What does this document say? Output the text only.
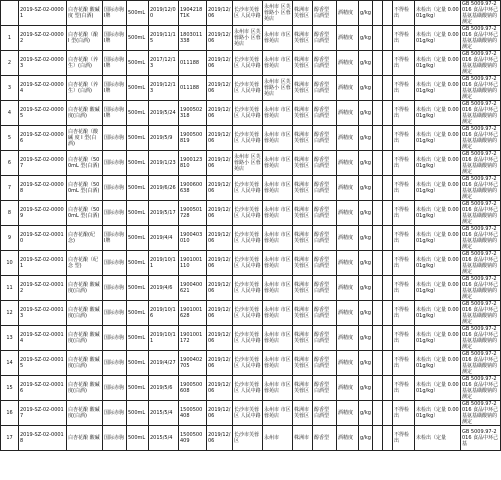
	2019-SZ-02-00001	白杏花酿 酸碱度 型(白酒)	国际赤驹 I牌	500mL	2019/12/00	1904218T1K	2019/12/06	长沙市芙蓉区 人民中路	永州市 区芙蓉路小 区蓉苑店	株洲市 芙蓉区	醇香型 白酒型	酒精度	g/kg			不得检出	未检出（定量 0.0001g/kg）	GB 5009.97-2016 食品中环己基氨基磺酸钠的测定
1	2019-SZ-02-00002	白杏花酿（酿 I 型(白酒)	国际赤驹 I牌	500mL	2019/11/15	1803011338	2019/12/06	永州市 区芙蓉路小 区蓉苑店	永州市 市区蓉苑店	株洲市 芙蓉区	醇香型 白酒型	酒精度	g/kg			不得检出	未检出（定量 0.0001g/kg）	GB 5009.97-2016 食品中环己基氨基磺酸钠的测定
2	2019-SZ-02-00003	白杏花酿（养 生）(白酒)	国际赤驹 I牌	500mL	2017/12/13	011188	2019/12/06	长沙市芙蓉区 人民中路	永州市 市区蓉苑店	株洲市 芙蓉区	醇香型 白酒型	酒精度	g/kg			不得检出	未检出（定量 0.0001g/kg）	GB 5009.97-2016 食品中环己基氨基磺酸钠的测定
3	2019-SZ-02-00004	白杏花酿（养 生）(白酒)	国际赤驹 I牌	500mL	2019/12/13	011188	2019/12/06	长沙市芙蓉区 人民中路	永州市 区芙蓉路小 区蓉苑店	株洲市 芙蓉区	醇香型 白酒型	酒精度	g/kg			不得检出	未检出（定量 0.0001g/kg）	GB 5009.97-2016 食品中环己基氨基磺酸钠的测定
4	2019-SZ-02-00005	白杏花酿 酸碱 度(白酒)	国际赤驹 I牌	500mL	2019/5/24	1900502318	2019/12/06	长沙市芙蓉区 人民中路	永州市 市区蓉苑店	株洲市 芙蓉区	醇香型 白酒型	酒精度	g/kg			不得检出	未检出（定量 0.0001g/kg）	GB 5009.97-2016 食品中环己基氨基磺酸钠的测定
5	2019-SZ-02-00006	白杏花酿（酸碱 度 I 型(白酒)	国际赤驹	500mL	2019/5/9	1900500819	2019/12/06	长沙市芙蓉区 人民中路	永州市 市区蓉苑店	株洲市 芙蓉区	醇香型 白酒型	酒精度	g/kg			不得检出	未检出（定量 0.0001g/kg）	GB 5009.97-2016 食品中环己基氨基磺酸钠的测定
6	2019-SZ-02-00007	白杏花酿（500mL 型(白酒)	国际赤驹	500mL	2019/1/23	1900123810	2019/12/06	永州市 区芙蓉路小 区蓉苑店	永州市 市区蓉苑店	株洲市 芙蓉区	醇香型 白酒型	酒精度	g/kg			不得检出	未检出（定量 0.0001g/kg）	GB 5009.97-2016 食品中环己基氨基磺酸钠的测定
7	2019-SZ-02-00008	白杏花酿（500mL 型(白酒)	国际赤驹	500mL	2019/6/26	1900600638	2019/12/06	长沙市芙蓉区 人民中路	永州市 市区蓉苑店	株洲市 芙蓉区	醇香型 白酒型	酒精度	g/kg			不得检出	未检出（定量 0.0001g/kg）	GB 5009.97-2016 食品中环己基氨基磺酸钠的测定
8	2019-SZ-02-00009	白杏花酿（500mL 型(白酒)	国际赤驹	500mL	2019/5/17	1900501728	2019/12/06	长沙市芙蓉区 人民中路	永州市 市区蓉苑店	株洲市 芙蓉区	醇香型 白酒型	酒精度	g/kg			不得检出	未检出（定量 0.0001g/kg）	GB 5009.97-2016 食品中环己基氨基磺酸钠的测定
9	2019-SZ-02-00010	白杏花酿(纪念)	国际赤驹 I牌	500mL	2019/4/4	1900403010	2019/12/06	长沙市芙蓉区 人民中路	永州市 市区蓉苑店	株洲市 芙蓉区	醇香型 白酒型	酒精度	g/kg			不得检出	未检出（定量 0.0001g/kg）	GB 5009.97-2016 食品中环己基氨基磺酸钠的测定
10	2019-SZ-02-00011	白杏花酿（纪念 型)	国际赤驹	500mL	2019/10/11	1901001110	2019/12/06	长沙市芙蓉区 人民中路	永州市 市区蓉苑店	株洲市 芙蓉区	醇香型 白酒型	酒精度	g/kg			不得检出	未检出（定量 0.0001g/kg）	GB 5009.97-2016 食品中环己基氨基磺酸钠的测定
11	2019-SZ-02-00012	白杏花酿 酸碱 度(白酒)	国际赤驹	500mL	2019/4/6	1900400621	2019/12/06	长沙市芙蓉区 人民中路	永州市 市区蓉苑店	株洲市 芙蓉区	醇香型 白酒型	酒精度	g/kg			不得检出	未检出（定量 0.0001g/kg）	GB 5009.97-2016 食品中环己基氨基磺酸钠的测定
12	2019-SZ-02-00013	白杏花酿 酸碱 度(白酒)	国际赤驹	500mL	2019/10/16	1901001628	2019/12/06	长沙市芙蓉区 人民中路	永州市 市区蓉苑店	株洲市 芙蓉区	醇香型 白酒型	酒精度	g/kg			不得检出	未检出（定量 0.0001g/kg）	GB 5009.97-2016 食品中环己基氨基磺酸钠的测定
13	2019-SZ-02-00014	白杏花酿 酸碱 度(白酒)	国际赤驹	500mL	2019/10/11	1901001172	2019/12/06	长沙市芙蓉区 人民中路	永州市 市区蓉苑店	株洲市 芙蓉区	醇香型 白酒型	酒精度	g/kg			不得检出	未检出（定量 0.0001g/kg）	GB 5009.97-2016 食品中环己基氨基磺酸钠的测定
14	2019-SZ-02-00015	白杏花酿 酸碱 度(白酒)	国际赤驹	500mL	2019/4/27	1900402705	2019/12/06	长沙市芙蓉区 人民中路	永州市 市区蓉苑店	株洲市 芙蓉区	醇香型 白酒型	酒精度	g/kg			不得检出	未检出（定量 0.0001g/kg）	GB 5009.97-2016 食品中环己基氨基磺酸钠的测定
15	2019-SZ-02-00016	白杏花酿 酸碱 度(白酒)	国际赤驹	500mL	2019/5/6	1900500608	2019/12/06	长沙市芙蓉区 人民中路	永州市 市区蓉苑店	株洲市 芙蓉区	醇香型 白酒型	酒精度	g/kg			不得检出	未检出（定量 0.0001g/kg）	GB 5009.97-2016 食品中环己基氨基磺酸钠的测定
16	2019-SZ-02-00017	白杏花酿 酸碱 度(白酒)	国际赤驹	500mL	2015/5/4	1500500408	2019/12/06	长沙市芙蓉区 人民中路	永州市 市区蓉苑店	株洲市 芙蓉区	醇香型 白酒型	酒精度	g/kg			不得检出	未检出（定量 0.0001g/kg）	GB 5009.97-2016 食品中环己基氨基磺酸钠的测定
17	2019-SZ-02-00018	白杏花酿 酸碱	国际赤驹	500mL	2015/5/4	1500500409	2019/12/06	长沙市芙蓉区	永州市	株洲市	醇香型	酒精度	g/kg			不得检出	未检出（定量	GB 5009.97-2016 食品中环己基
